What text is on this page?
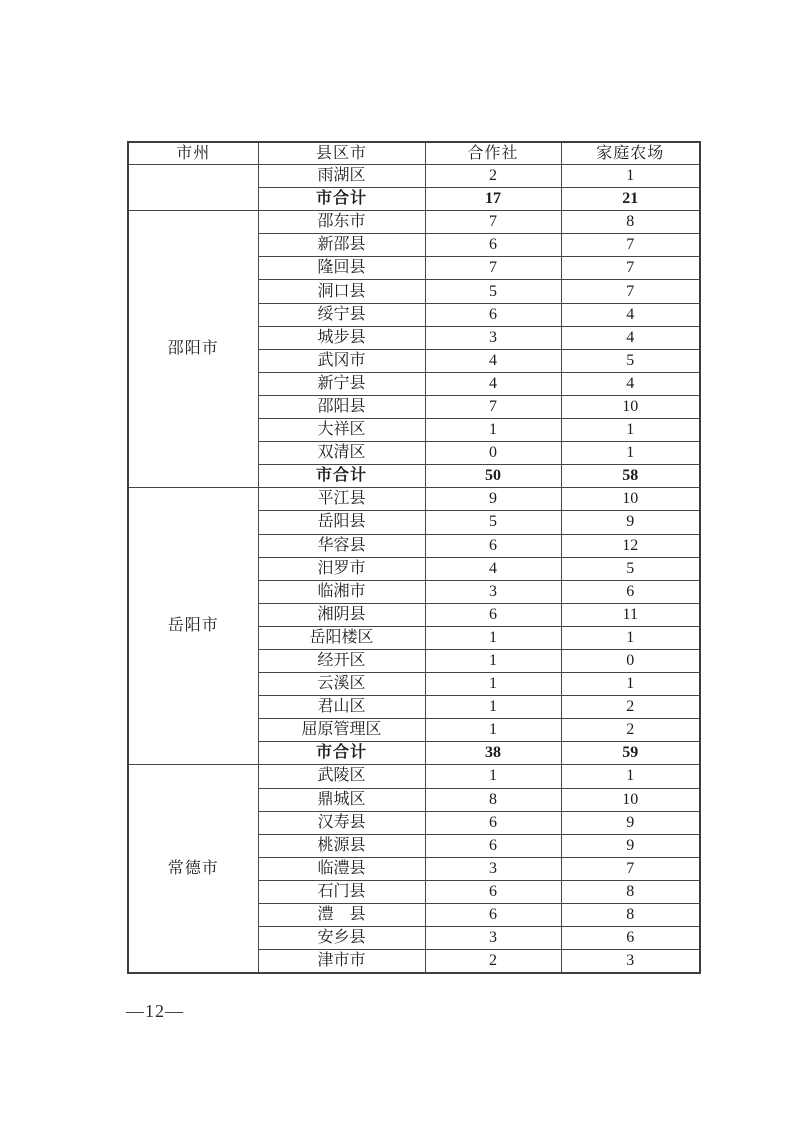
市州	县区市	合作社	家庭农场
	雨湖区	2	1
	市合计	17	21
邵阳市	邵东市	7	8
	新邵县	6	7
	隆回县	7	7
	洞口县	5	7
	绥宁县	6	4
	城步县	3	4
	武冈市	4	5
	新宁县	4	4
	邵阳县	7	10
	大祥区	1	1
	双清区	0	1
	市合计	50	58
岳阳市	平江县	9	10
	岳阳县	5	9
	华容县	6	12
	汨罗市	4	5
	临湘市	3	6
	湘阴县	6	11
	岳阳楼区	1	1
	经开区	1	0
	云溪区	1	1
	君山区	1	2
	屈原管理区	1	2
	市合计	38	59
常德市	武陵区	1	1
	鼎城区	8	10
	汉寿县	6	9
	桃源县	6	9
	临澧县	3	7
	石门县	6	8
	澧　县	6	8
	安乡县	3	6
	津市市	2	3
—12—
